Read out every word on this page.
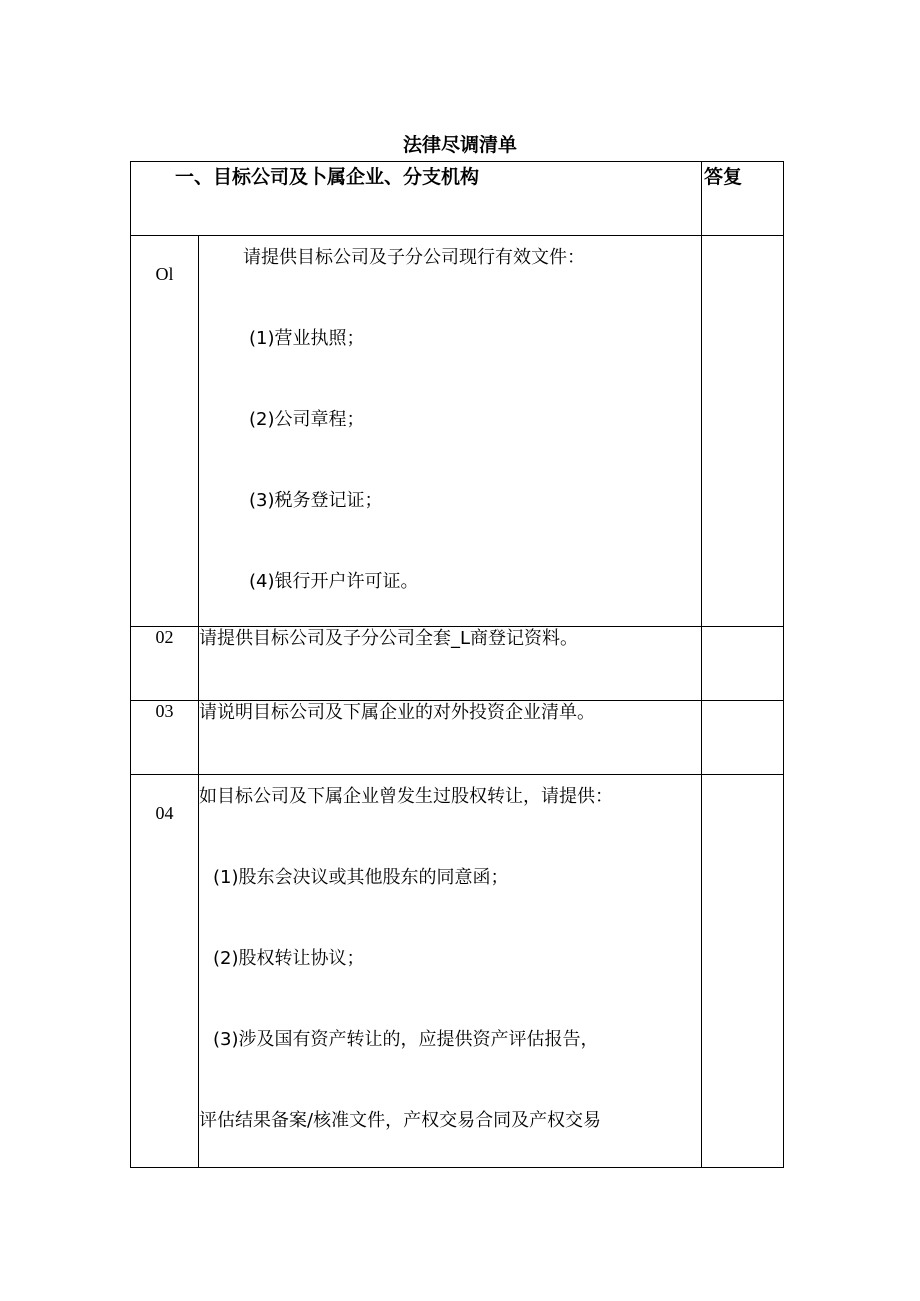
法律尽调清单
一、目标公司及卜属企业、分支机构		答复
Ol	请提供目标公司及子分公司现行有效文件：
(1)营业执照；
(2)公司章程；
(3)税务登记证；
(4)银行开户许可证。	

02	请提供目标公司及子分公司全套_L商登记资料。	
03	请说明目标公司及下属企业的对外投资企业清单。	
04	如目标公司及下属企业曾发生过股权转让，请提供：
(1)股东会决议或其他股东的同意函；
(2)股权转让协议；
(3)涉及国有资产转让的，应提供资产评估报告，
评估结果备案/核准文件，产权交易合同及产权交易	
